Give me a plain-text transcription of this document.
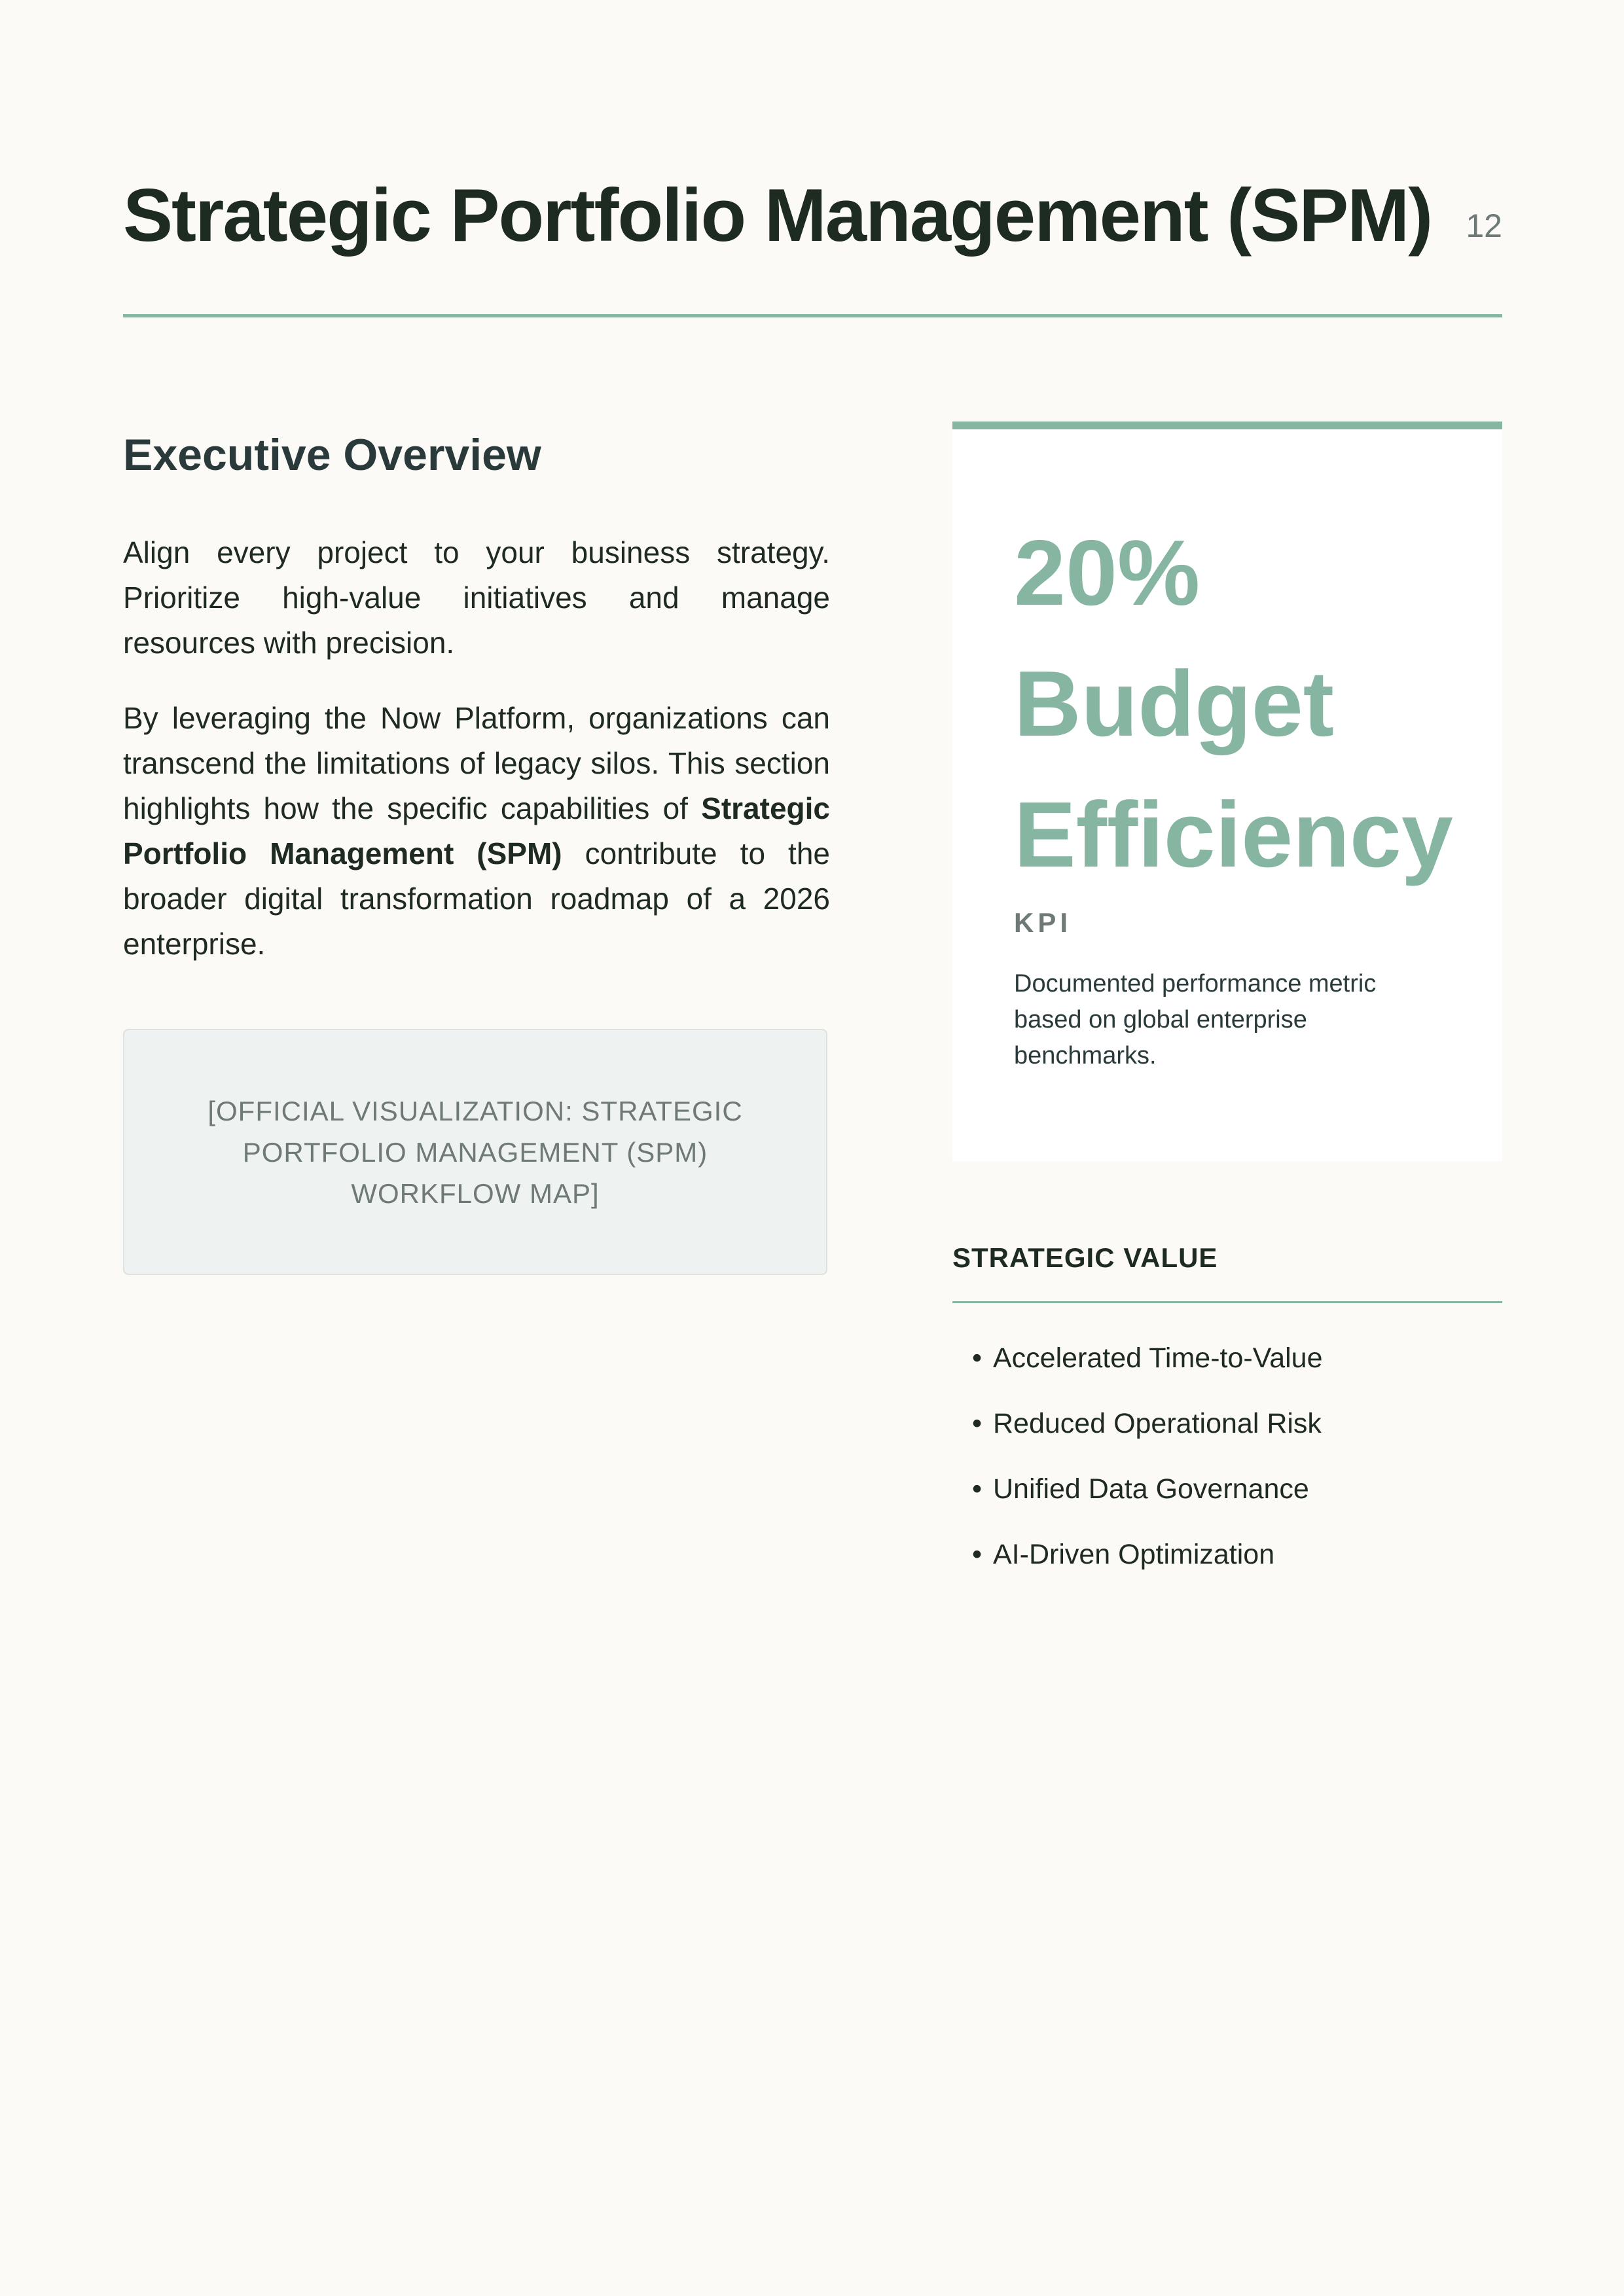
Strategic Portfolio Management (SPM) 12
Executive Overview

Align every project to your business strategy. Prioritize high-value initiatives and manage resources with precision.

By leveraging the Now Platform, organizations can transcend the limitations of legacy silos. This section highlights how the specific capabilities of Strategic Portfolio Management (SPM) contribute to the broader digital transformation roadmap of a 2026 enterprise.

[OFFICIAL VISUALIZATION: STRATEGIC PORTFOLIO MANAGEMENT (SPM) WORKFLOW MAP]
20% Budget Efficiency
KPI
Documented performance metric based on global enterprise benchmarks.
STRATEGIC VALUE
• Accelerated Time-to-Value
• Reduced Operational Risk
• Unified Data Governance
• AI-Driven Optimization
